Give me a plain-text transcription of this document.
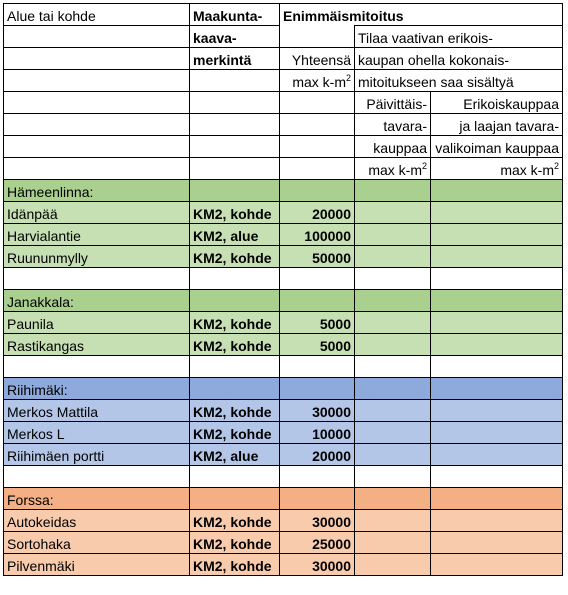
Alue tai kohde	Maakunta-	Enimmäismitoitus		
	kaava-		Tilaa vaativan erikois-	
	merkintä	Yhteensä	kaupan ohella kokonais-	
		$\max k-m^2$	mitoitukseen saa sisältyä	
			Päivittäis-	Erikoiskauppaa
			tavara-	ja laajan tavara-
			kauppaa	valikoiman kauppaa
			$\max k-m^2$	$\max k-m^2$
Hämeenlinna:				
Idänpää	KM2, kohde	20000		
Harvialantie	KM2, alue	100000		
Ruununmylly	KM2, kohde	50000		

Janakkala:				
Paunila	KM2, kohde	5000		
Rastikangas	KM2, kohde	5000		

Riihimäki:				
Merkos Mattila	KM2, kohde	30000		
Merkos L	KM2, kohde	10000		
Riihimäen portti	KM2, alue	20000		

Forssa:				
Autokeidas	KM2, kohde	30000		
Sortohaka	KM2, kohde	25000		
Pilvenmäki	KM2, kohde	30000		
